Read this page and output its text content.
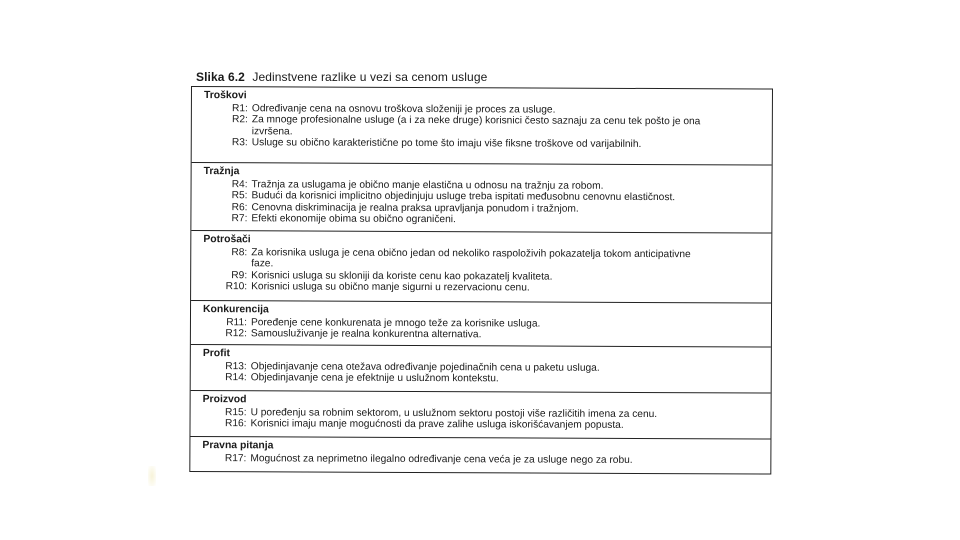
Slika 6.2 Jedinstvene razlike u vezi sa cenom usluge
Troškovi
R1: Određivanje cena na osnovu troškova složeniji je proces za usluge.
R2: Za mnoge profesionalne usluge (a i za neke druge) korisnici često saznaju za cenu tek pošto je ona
izvršena.
R3: Usluge su obično karakteristične po tome što imaju više fiksne troškove od varijabilnih.
Tražnja
R4: Tražnja za uslugama je obično manje elastična u odnosu na tražnju za robom.
R5: Budući da korisnici implicitno objedinjuju usluge treba ispitati međusobnu cenovnu elastičnost.
R6: Cenovna diskriminacija je realna praksa upravljanja ponudom i tražnjom.
R7: Efekti ekonomije obima su obično ograničeni.
Potrošači
R8: Za korisnika usluga je cena obično jedan od nekoliko raspoloživih pokazatelja tokom anticipativne
faze.
R9: Korisnici usluga su skloniji da koriste cenu kao pokazatelj kvaliteta.
R10: Korisnici usluga su obično manje sigurni u rezervacionu cenu.
Konkurencija
R11: Poređenje cene konkurenata je mnogo teže za korisnike usluga.
R12: Samousluživanje je realna konkurentna alternativa.
Profit
R13: Objedinjavanje cena otežava određivanje pojedinačnih cena u paketu usluga.
R14: Objedinjavanje cena je efektnije u uslužnom kontekstu.
Proizvod
R15: U poređenju sa robnim sektorom, u uslužnom sektoru postoji više različitih imena za cenu.
R16: Korisnici imaju manje mogućnosti da prave zalihe usluga iskorišćavanjem popusta.
Pravna pitanja
R17: Mogućnost za neprimetno ilegalno određivanje cena veća je za usluge nego za robu.
